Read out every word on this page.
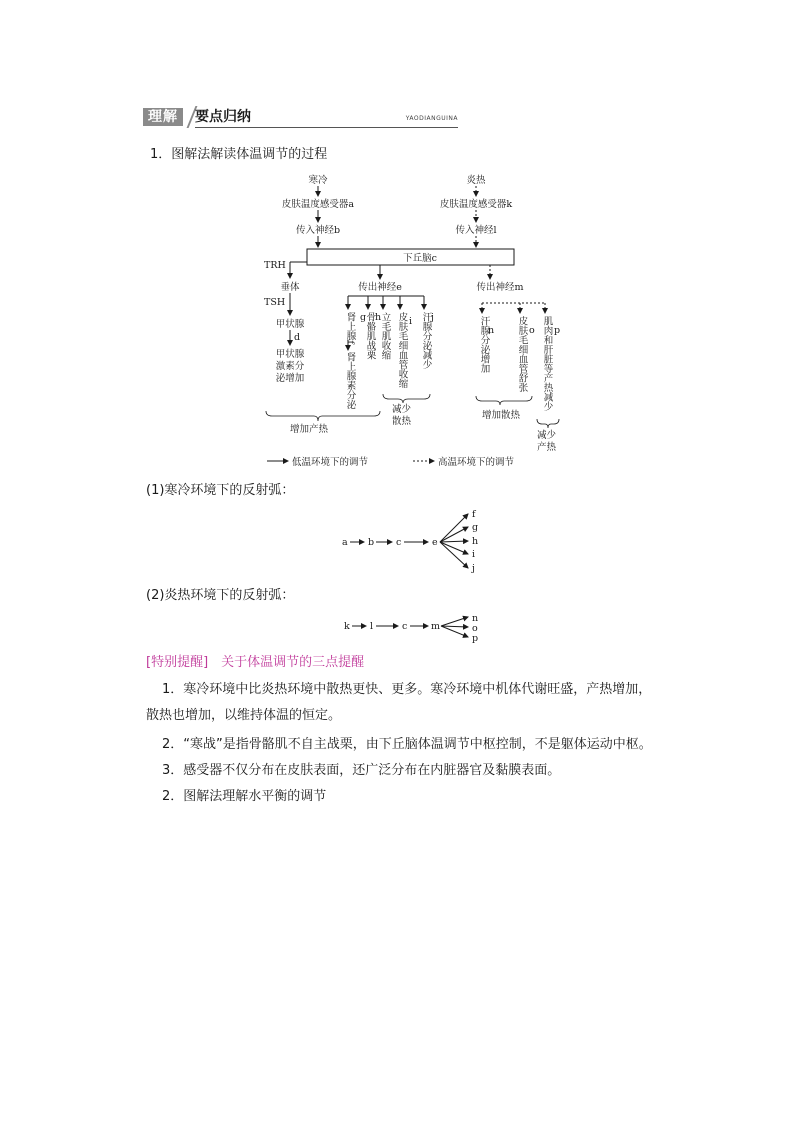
理解	要点归纳	YAODIANGUINA
1．图解法解读体温调节的过程
寒冷
皮肤温度感受器a
传入神经b
炎热
皮肤温度感受器k
传入神经l
下丘脑c
TRH
垂体
TSH
甲状腺
d
甲状腺
激素分
泌增加
传出神经e
肾上腺f
肾上腺素分泌
骨骼肌战栗
g 立毛肌收缩
h 皮肤毛细血管收缩 i 汗腺分泌减少 j
增加产热
减少
散热
传出神经m
汗腺分泌增加
n 皮肤毛细血管舒张 o 肌肉和肝脏等产热减少 p
增加散热
减少
产热
低温环境下的调节	高温环境下的调节
(1)寒冷环境下的反射弧：
a b c	e
f
g
h
i
j
(2)炎热环境下的反射弧：
k l	c m
n
o
p
[特别提醒]　关于体温调节的三点提醒
1．寒冷环境中比炎热环境中散热更快、更多。寒冷环境中机体代谢旺盛，产热增加，散热也增加，以维持体温的恒定。
2．“寒战”是指骨骼肌不自主战栗，由下丘脑体温调节中枢控制，不是躯体运动中枢。
3．感受器不仅分布在皮肤表面，还广泛分布在内脏器官及黏膜表面。
2．图解法理解水平衡的调节
